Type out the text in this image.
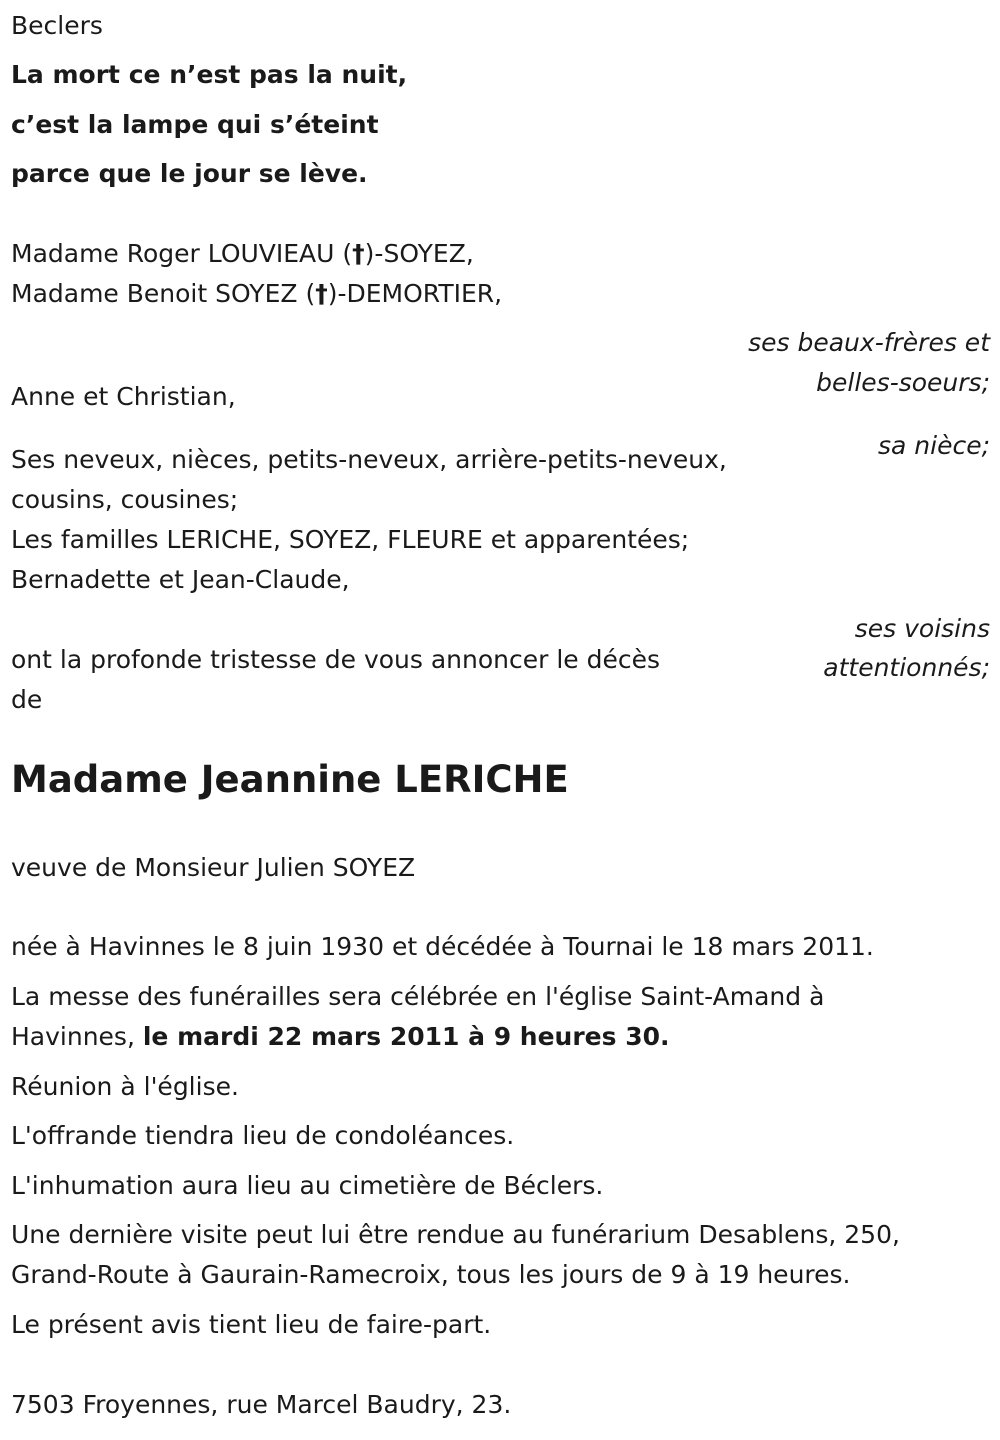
Beclers

La mort ce n’est pas la nuit,

c’est la lampe qui s’éteint

parce que le jour se lève.

Madame Roger LOUVIEAU (†)-SOYEZ,

Madame Benoit SOYEZ (†)-DEMORTIER,

ses beaux-frères et

belles-soeurs;

Anne et Christian,

sa nièce;

Ses neveux, nièces, petits-neveux, arrière-petits-neveux,

cousins, cousines;

Les familles LERICHE, SOYEZ, FLEURE et apparentées;

Bernadette et Jean-Claude,

ses voisins

attentionnés;

ont la profonde tristesse de vous annoncer le décès

de

Madame Jeannine LERICHE

veuve de Monsieur Julien SOYEZ

née à Havinnes le 8 juin 1930 et décédée à Tournai le 18 mars 2011.

La messe des funérailles sera célébrée en l'église Saint-Amand à

Havinnes, le mardi 22 mars 2011 à 9 heures 30.

Réunion à l'église.

L'offrande tiendra lieu de condoléances.

L'inhumation aura lieu au cimetière de Béclers.

Une dernière visite peut lui être rendue au funérarium Desablens, 250,

Grand-Route à Gaurain-Ramecroix, tous les jours de 9 à 19 heures.

Le présent avis tient lieu de faire-part.

7503 Froyennes, rue Marcel Baudry, 23.
